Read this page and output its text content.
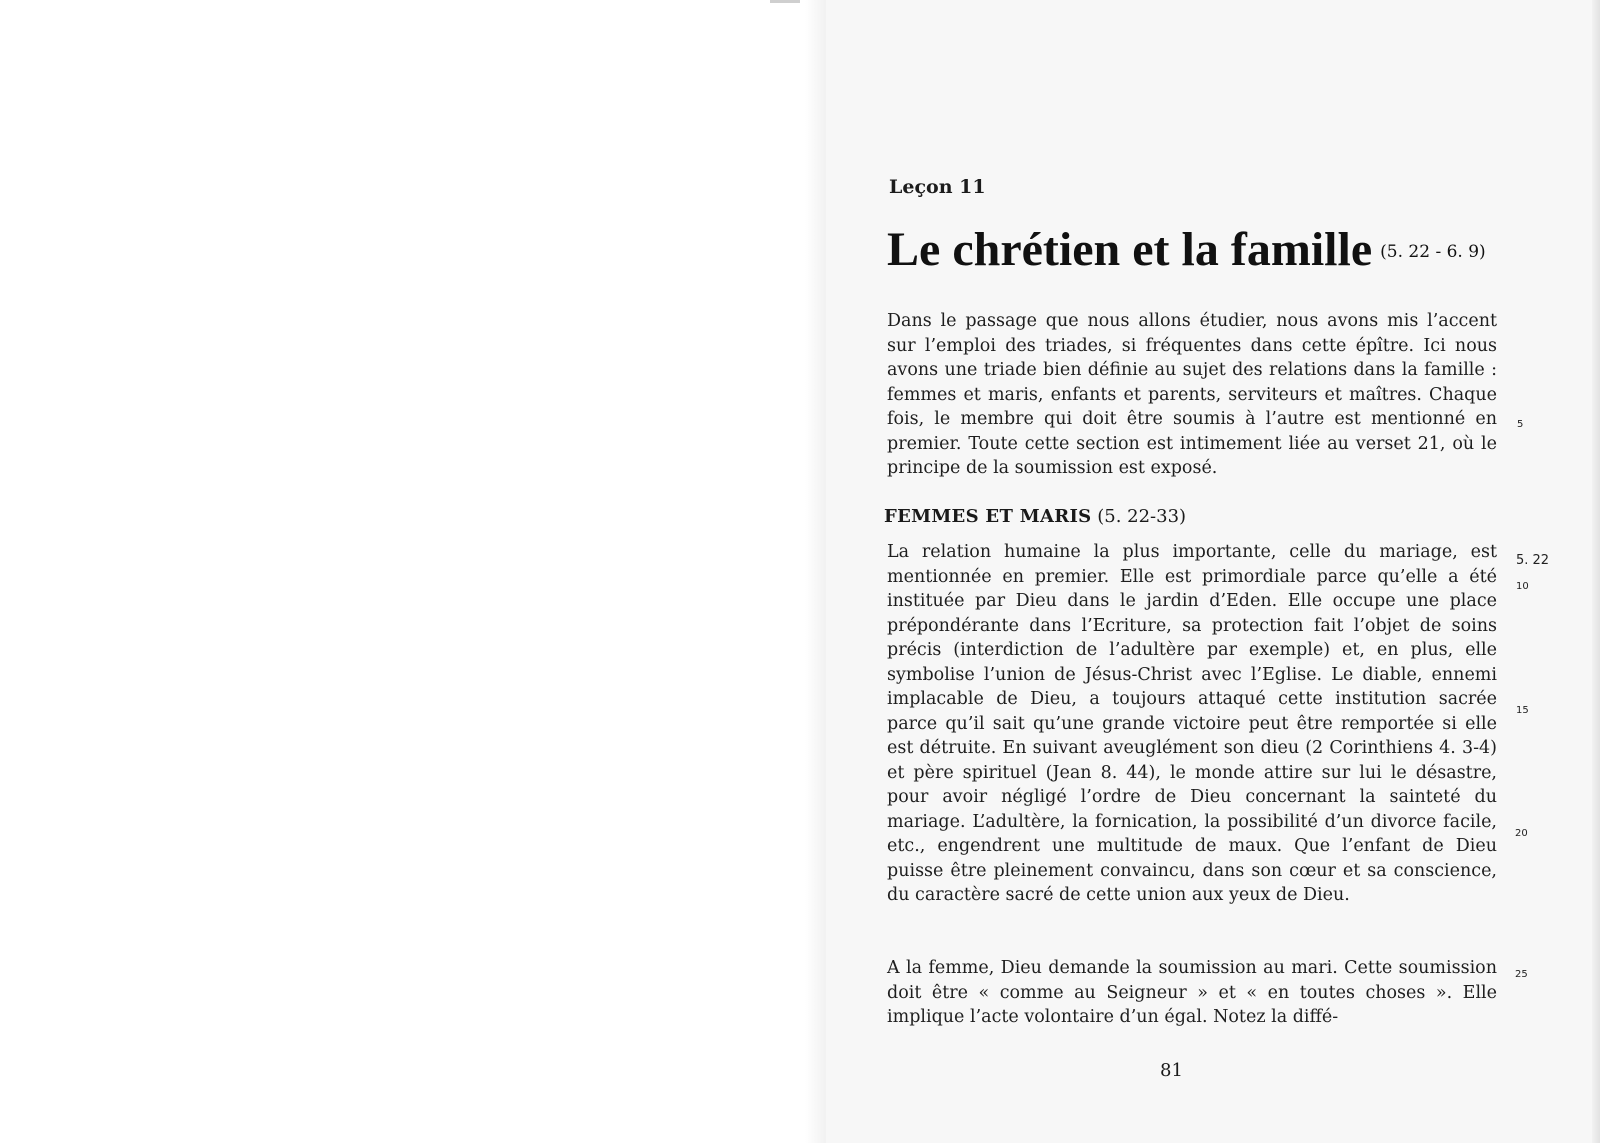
Leçon 11
Le chrétien et la famille (5. 22 - 6. 9)

Dans le passage que nous allons étudier, nous avons mis l’accent sur l’emploi des triades, si fréquentes dans cette épître. Ici nous avons une triade bien définie au sujet des relations dans la famille : femmes et maris, enfants et parents, serviteurs et maîtres. Chaque fois, le membre qui doit être soumis à l’autre est mentionné en premier. Toute cette section est intimement liée au verset 21, où le principe de la soumission est exposé.

FEMMES ET MARIS (5. 22-33)

La relation humaine la plus importante, celle du mariage, est mentionnée en premier. Elle est primordiale parce qu’elle a été instituée par Dieu dans le jardin d’Eden. Elle occupe une place prépondérante dans l’Ecriture, sa protection fait l’objet de soins précis (interdiction de l’adultère par exemple) et, en plus, elle symbolise l’union de Jésus-Christ avec l’Eglise. Le diable, ennemi implacable de Dieu, a toujours attaqué cette institution sacrée parce qu’il sait qu’une grande victoire peut être remportée si elle est détruite. En suivant aveuglément son dieu (2 Corinthiens 4. 3-4) et père spirituel (Jean 8. 44), le monde attire sur lui le désastre, pour avoir négligé l’ordre de Dieu concernant la sainteté du mariage. L’adultère, la fornication, la possibilité d’un divorce facile, etc., engendrent une multitude de maux. Que l’enfant de Dieu puisse être pleinement convaincu, dans son cœur et sa conscience, du caractère sacré de cette union aux yeux de Dieu.

A la femme, Dieu demande la soumission au mari. Cette soumission doit être « comme au Seigneur » et « en toutes choses ». Elle implique l’acte volontaire d’un égal. Notez la diffé-

5
5. 22
10
15
20
25
81
